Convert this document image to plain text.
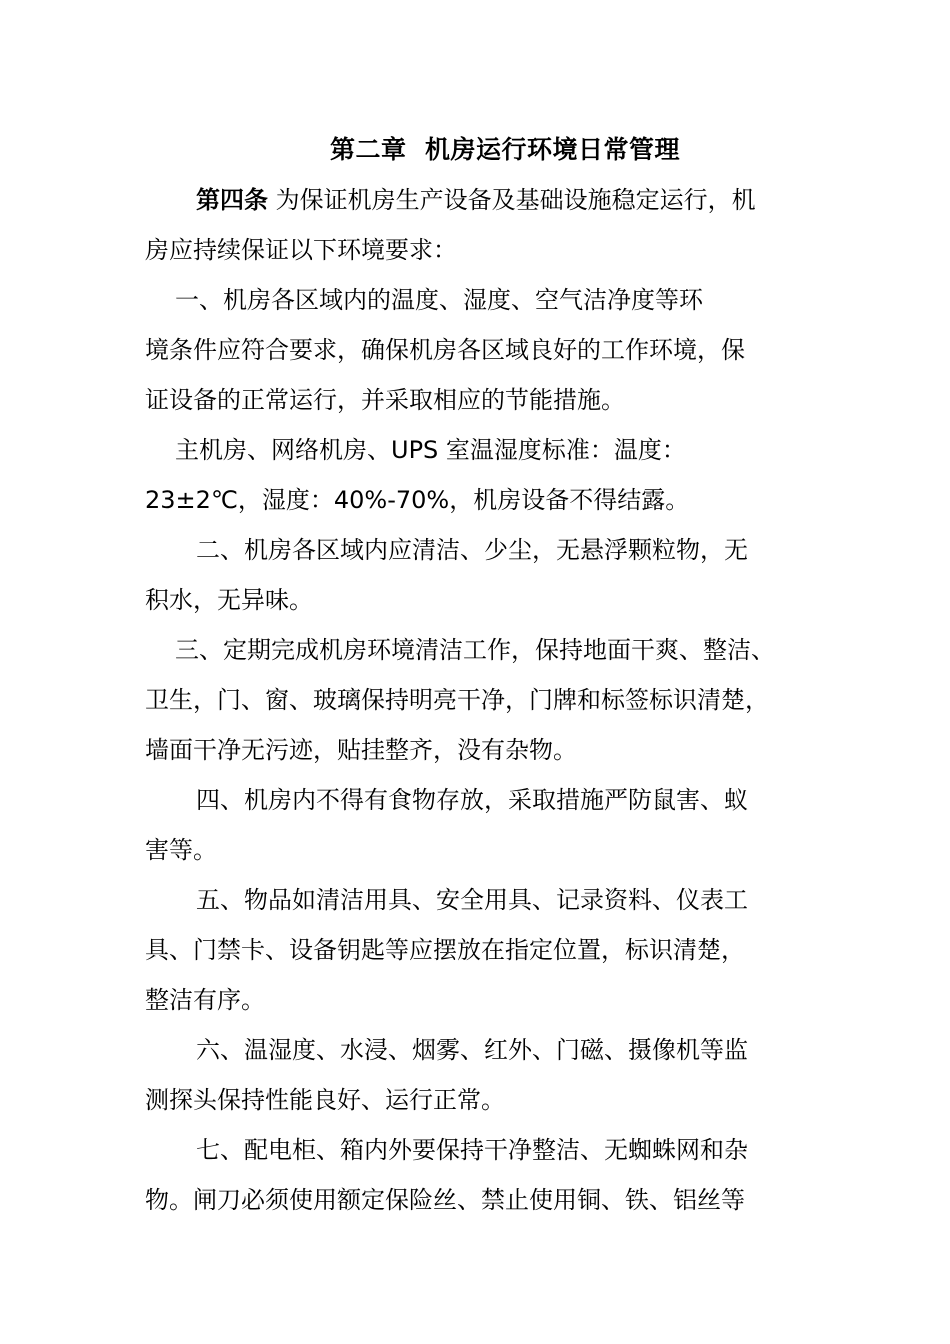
第二章  机房运行环境日常管理
第四条 为保证机房生产设备及基础设施稳定运行，机
房应持续保证以下环境要求：
一、机房各区域内的温度、湿度、空气洁净度等环
境条件应符合要求，确保机房各区域良好的工作环境，保
证设备的正常运行，并采取相应的节能措施。
主机房、网络机房、UPS 室温湿度标准：温度：
23±2℃，湿度：40%-70%，机房设备不得结露。
二、机房各区域内应清洁、少尘，无悬浮颗粒物，无
积水，无异味。
三、定期完成机房环境清洁工作，保持地面干爽、整洁、
卫生，门、窗、玻璃保持明亮干净，门牌和标签标识清楚，
墙面干净无污迹，贴挂整齐，没有杂物。
四、机房内不得有食物存放，采取措施严防鼠害、蚁
害等。
五、物品如清洁用具、安全用具、记录资料、仪表工
具、门禁卡、设备钥匙等应摆放在指定位置，标识清楚，
整洁有序。
六、温湿度、水浸、烟雾、红外、门磁、摄像机等监
测探头保持性能良好、运行正常。
七、配电柜、箱内外要保持干净整洁、无蜘蛛网和杂
物。闸刀必须使用额定保险丝、禁止使用铜、铁、铝丝等
